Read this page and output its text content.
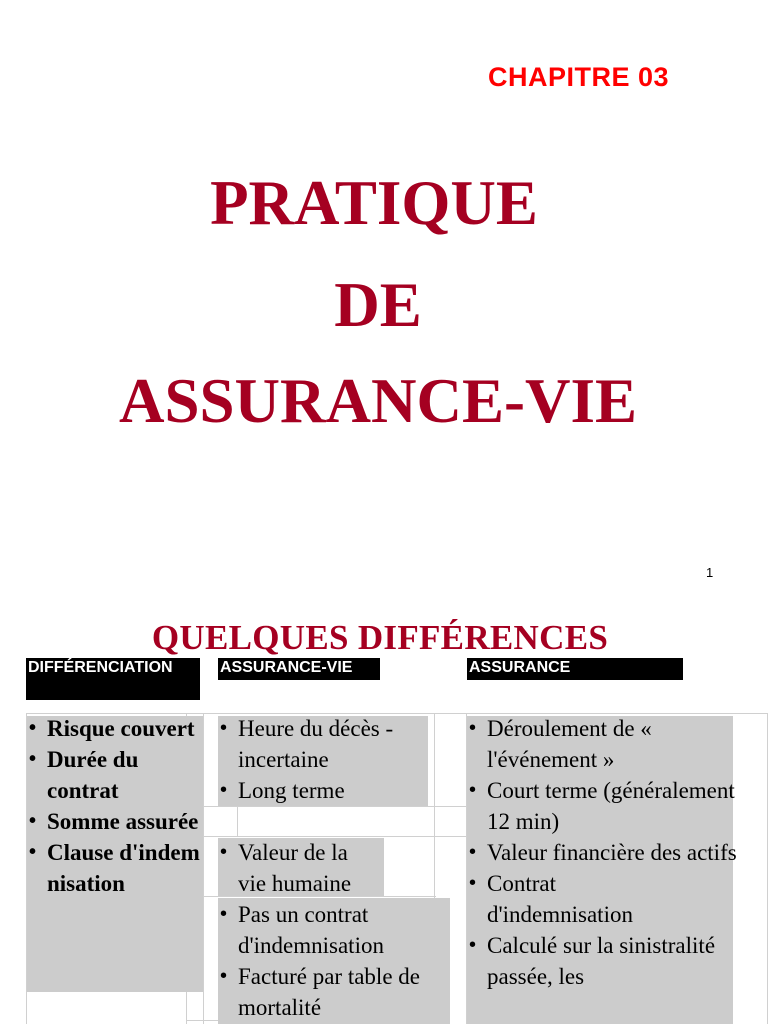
CHAPITRE 03
PRATIQUE
DE
ASSURANCE-VIE
1
QUELQUES DIFFÉRENCES
DIFFÉRENCIATION	ASSURANCE-VIE	ASSURANCE
• Risque couvert
• Durée du contrat
• Somme assurée
• Clause d'indemnisation
• Heure du décès - incertaine
• Long terme
• Valeur de la vie humaine
• Pas un contrat d'indemnisation
• Facturé par table de mortalité
• Déroulement de « l'événement »
• Court terme (généralement 12 min)
• Valeur financière des actifs
• Contrat d'indemnisation
• Calculé sur la sinistralité passée, les
